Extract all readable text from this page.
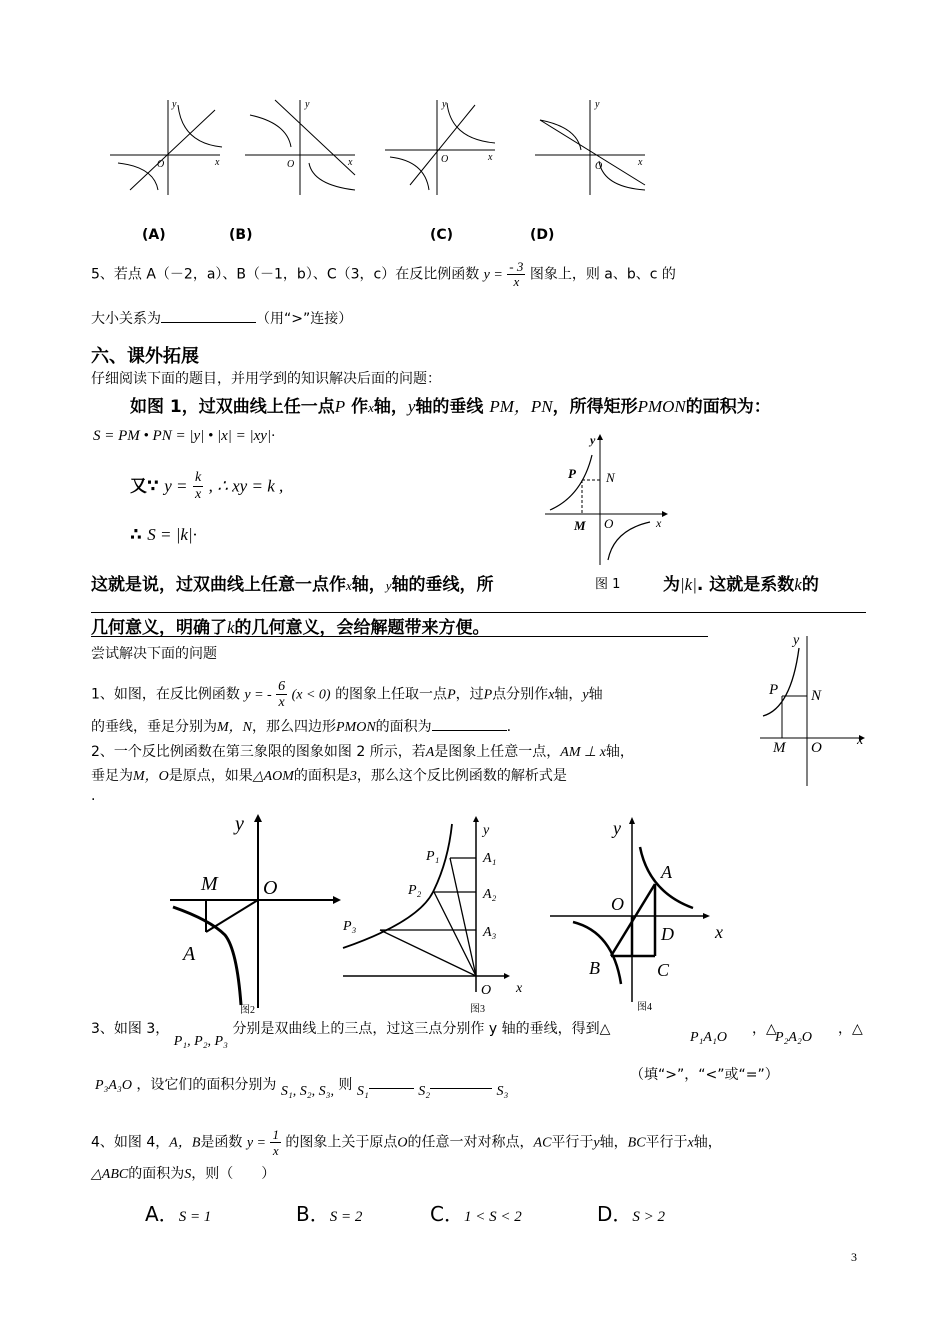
y
x
O
y
x
O
y
x
O
y
x
O
(A)	(B)	(C)	(D)
5、若点 A（－2，a）、B（－1，b）、C（3，c）在反比例函数 $y = \frac{- 3}{x}$ 图象上，则 a、b、c 的
大小关系为	（用“>”连接）
六、课外拓展
仔细阅读下面的题目，并用学到的知识解决后面的问题：
如图 1，过双曲线上任一点P 作x轴，y轴的垂线 PM，PN，所得矩形PMON的面积为：
S = PM • PN = |y| • |x| = |xy|·
又∵ $y = \frac{k}{x}$ , ∴ xy = k ,
∴ S = |k|·
y
x
P N
M O
这就是说，过双曲线上任意一点作x轴，y轴的垂线，所	图 1	为|k|. 这就是系数k的
几何意义，明确了k的几何意义，会给解题带来方便。
尝试解决下面的问题
1、如图，在反比例函数 y = - $\frac{6}{x} (x < 0)$ 的图象上任取一点P，过P点分别作x轴，y轴
的垂线，垂足分别为M，N，那么四边形PMON的面积为	.
2、一个反比例函数在第三象限的图象如图 2 所示，若A是图象上任意一点，AM ⊥ x轴，
垂足为M，O是原点，如果△AOM的面积是3，那么这个反比例函数的解析式是
.
y
x
P N
M O
y
M O
A
图2
y
x
P₁
P₂
P₃
A₁
A₂
A₃
O
图3
y
x
O
A
D
B	C
图4
3、如图 3， P₁, P₂, P₃ 分别是双曲线上的三点，过这三点分别作 y 轴的垂线，得到△
P₁A₁O
，△
P₂A₂O
，△
P₃A₃O ，设它们的面积分别为 S₁, S₂, S₃, 则 S₁	S₂	S₃
（填“>”，“<”或“=”）
4、如图 4，A，B是函数 $y = \frac{1}{x}$ 的图象上关于原点O的任意一对对称点，AC平行于y轴，BC平行于x轴，
△ABC的面积为S，则（　　）
A．S = 1	B．S = 2	C．1 < S < 2	D．S > 2
3
